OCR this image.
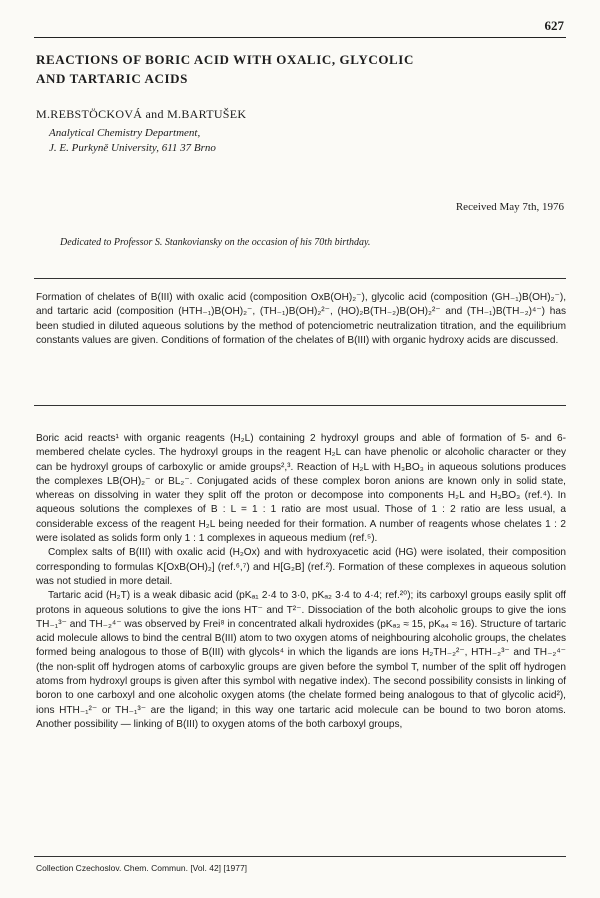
627
REACTIONS OF BORIC ACID WITH OXALIC, GLYCOLIC
AND TARTARIC ACIDS
M.REBSTÖCKOVÁ and M.BARTUŠEK
Analytical Chemistry Department,
J. E. Purkyně University, 611 37 Brno
Received May 7th, 1976
Dedicated to Professor S. Stankoviansky on the occasion of his 70th birthday.

Formation of chelates of B(III) with oxalic acid (composition OxB(OH)₂⁻), glycolic acid (composition (GH₋₁)B(OH)₂⁻), and tartaric acid (composition (HTH₋₁)B(OH)₂⁻, (TH₋₁)B(OH)₂²⁻, (HO)₂B(TH₋₂)B(OH)₂²⁻ and (TH₋₁)B(TH₋₂)⁴⁻) has been studied in diluted aqueous solutions by the method of potenciometric neutralization titration, and the equilibrium constants values are given. Conditions of formation of the chelates of B(III) with organic hydroxy acids are discussed.

Boric acid reacts¹ with organic reagents (H₂L) containing 2 hydroxyl groups and able of formation of 5- and 6-membered chelate cycles. The hydroxyl groups in the reagent H₂L can have phenolic or alcoholic character or they can be hydroxyl groups of carboxylic or amide groups²,³. Reaction of H₂L with H₃BO₃ in aqueous solutions produces the complexes LB(OH)₂⁻ or BL₂⁻. Conjugated acids of these complex boron anions are known only in solid state, whereas on dissolving in water they split off the proton or decompose into components H₂L and H₃BO₃ (ref.⁴). In aqueous solutions the complexes of B : L = 1 : 1 ratio are most usual. Those of 1 : 2 ratio are less usual, a considerable excess of the reagent H₂L being needed for their formation. A number of reagents whose chelates 1 : 2 were isolated as solids form only 1 : 1 complexes in aqueous medium (ref.⁵).

Complex salts of B(III) with oxalic acid (H₂Ox) and with hydroxyacetic acid (HG) were isolated, their composition corresponding to formulas K[OxB(OH)₂] (ref.⁶,⁷) and H[G₂B] (ref.²). Formation of these complexes in aqueous solution was not studied in more detail.

Tartaric acid (H₂T) is a weak dibasic acid (pKₐ₁ 2·4 to 3·0, pKₐ₂ 3·4 to 4·4; ref.²⁰); its carboxyl groups easily split off protons in aqueous solutions to give the ions HT⁻ and T²⁻. Dissociation of the both alcoholic groups to give the ions TH₋₁³⁻ and TH₋₂⁴⁻ was observed by Frei⁸ in concentrated alkali hydroxides (pKₐ₃ ≈ 15, pKₐ₄ ≈ 16). Structure of tartaric acid molecule allows to bind the central B(III) atom to two oxygen atoms of neighbouring alcoholic groups, the chelates formed being analogous to those of B(III) with glycols⁴ in which the ligands are ions H₂TH₋₂²⁻, HTH₋₂³⁻ and TH₋₂⁴⁻ (the non-split off hydrogen atoms of carboxylic groups are given before the symbol T, number of the split off hydrogen atoms from hydroxyl groups is given after this symbol with negative index). The second possibility consists in linking of boron to one carboxyl and one alcoholic oxygen atoms (the chelate formed being analogous to that of glycolic acid²), ions HTH₋₁²⁻ or TH₋₁³⁻ are the ligand; in this way one tartaric acid molecule can be bound to two boron atoms. Another possibility — linking of B(III) to oxygen atoms of the both carboxyl groups,

Collection Czechoslov. Chem. Commun. [Vol. 42] [1977]
